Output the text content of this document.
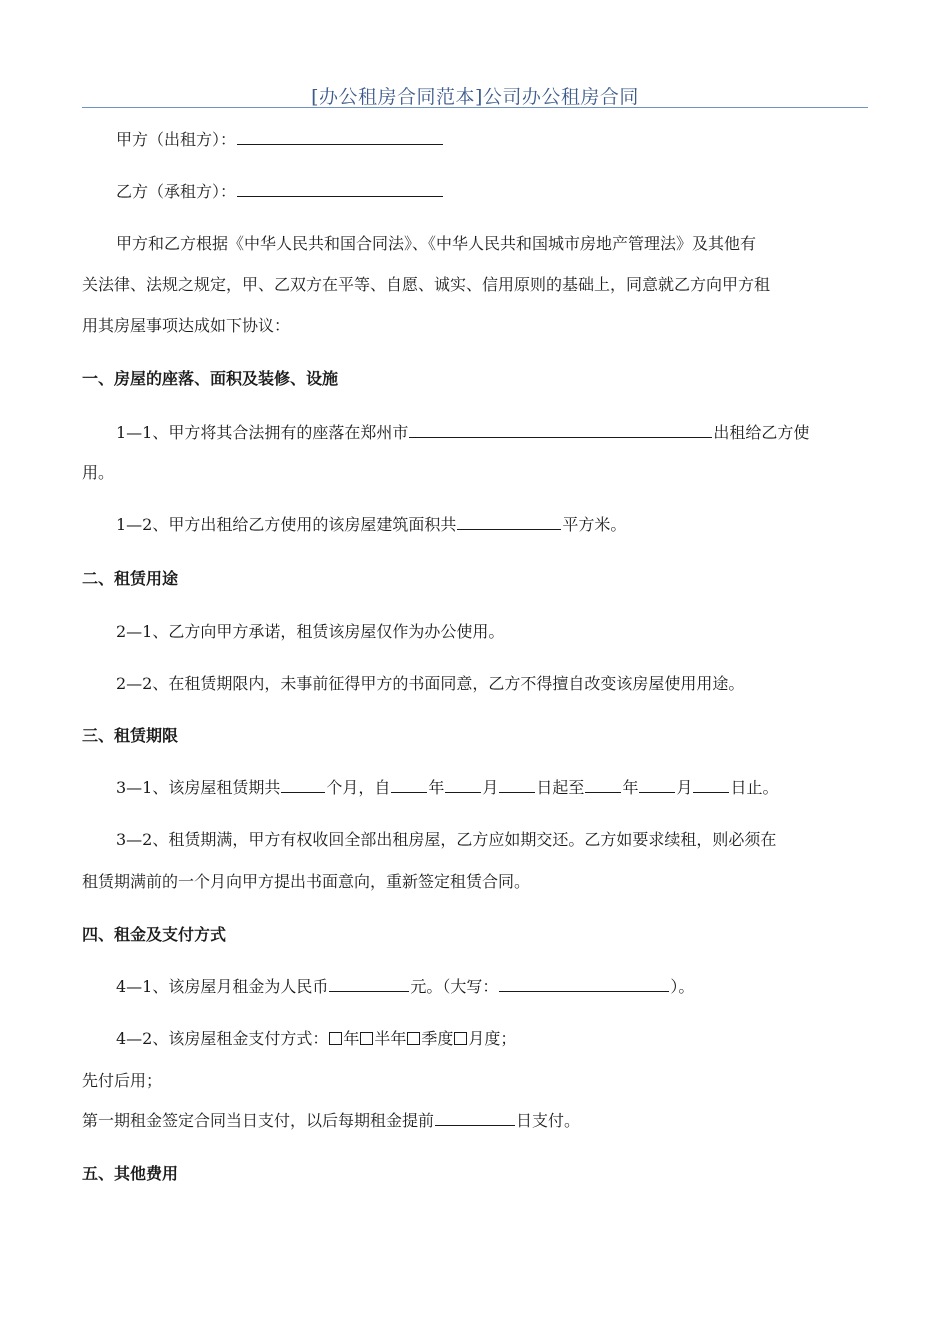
[办公租房合同范本]公司办公租房合同
甲方（出租方）：
乙方（承租方）：
甲方和乙方根据《中华人民共和国合同法》、《中华人民共和国城市房地产管理法》及其他有
关法律、法规之规定，甲、乙双方在平等、自愿、诚实、信用原则的基础上，同意就乙方向甲方租
用其房屋事项达成如下协议：
一、房屋的座落、面积及装修、设施
1—1、甲方将其合法拥有的座落在郑州市	出租给乙方使
用。
1—2、甲方出租给乙方使用的该房屋建筑面积共	平方米。
二、租赁用途
2—1、乙方向甲方承诺，租赁该房屋仅作为办公使用。
2—2、在租赁期限内，未事前征得甲方的书面同意，乙方不得擅自改变该房屋使用用途。
三、租赁期限
3—1、该房屋租赁期共	个月，自 年 月 日起至 年 月 日止。
3—2、租赁期满，甲方有权收回全部出租房屋，乙方应如期交还。乙方如要求续租，则必须在
租赁期满前的一个月向甲方提出书面意向，重新签定租赁合同。
四、租金及支付方式
4—1、该房屋月租金为人民币	元。（大写：	）。
4—2、该房屋租金支付方式： 年 半年 季度 月度；
先付后用；
第一期租金签定合同当日支付，以后每期租金提前	日支付。
五、其他费用
